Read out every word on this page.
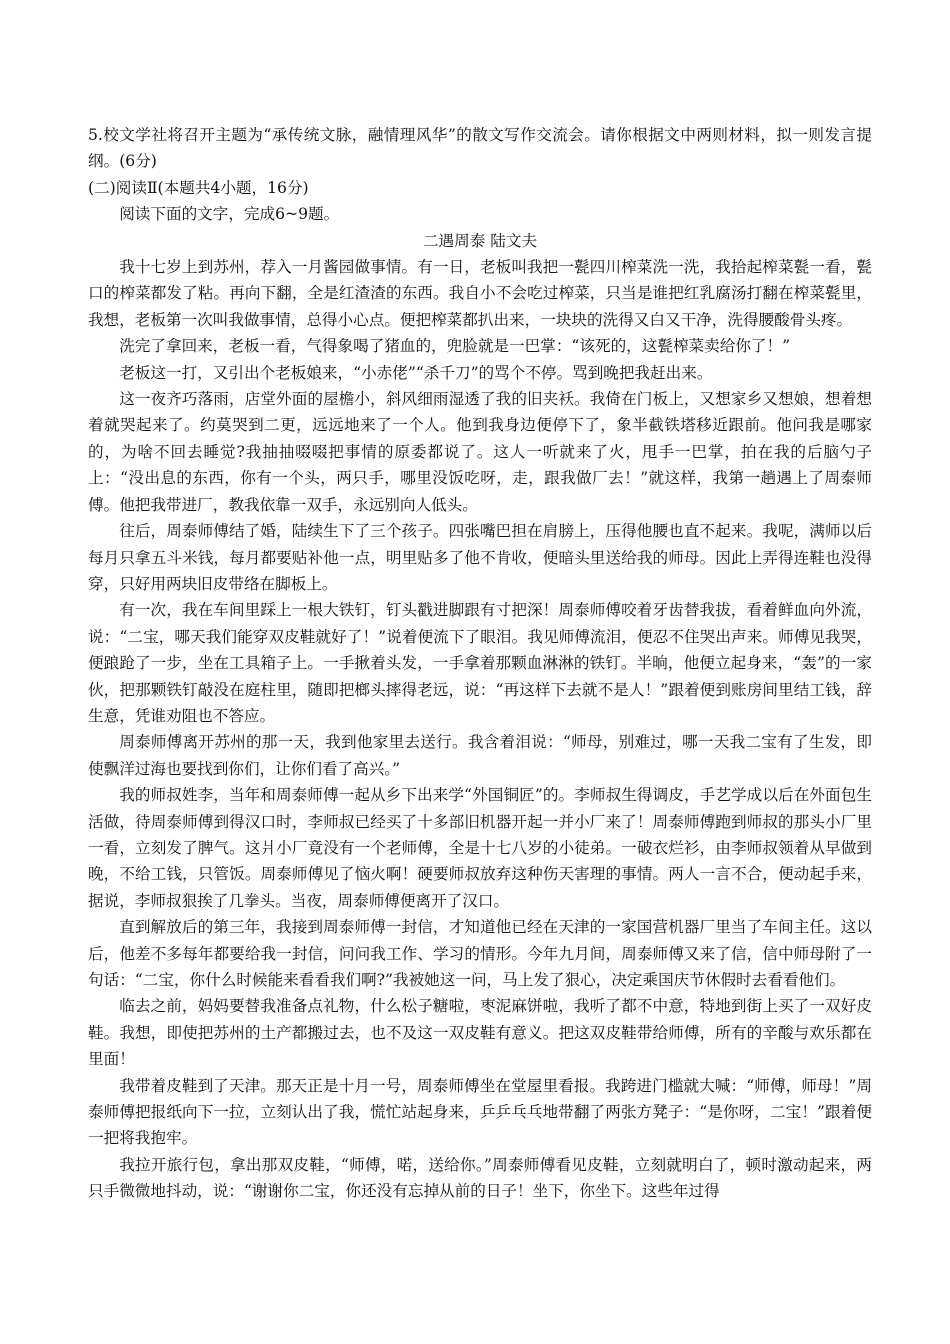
5.校文学社将召开主题为“承传统文脉，融情理风华”的散文写作交流会。请你根据文中两则材料，拟一则发言提纲。(6分)

(二)阅读Ⅱ(本题共4小题，16分)

阅读下面的文字，完成6~9题。

二遇周泰 陆文夫

我十七岁上到苏州，荐入一月酱园做事情。有一日，老板叫我把一甏四川榨菜洗一洗，我拾起榨菜甏一看，甏口的榨菜都发了粘。再向下翻，全是红渣渣的东西。我自小不会吃过榨菜，只当是谁把红乳腐汤打翻在榨菜甏里，我想，老板第一次叫我做事情，总得小心点。便把榨菜都扒出来，一块块的洗得又白又干净，洗得腰酸骨头疼。

洗完了拿回来，老板一看，气得象喝了猪血的，兜脸就是一巴掌：“该死的，这甏榨菜卖给你了！”

老板这一打，又引出个老板娘来，“小赤佬”“杀千刀”的骂个不停。骂到晚把我赶出来。

这一夜齐巧落雨，店堂外面的屋檐小，斜风细雨湿透了我的旧夹袄。我倚在门板上，又想家乡又想娘，想着想着就哭起来了。约莫哭到二更，远远地来了一个人。他到我身边便停下了，象半截铁塔移近跟前。他问我是哪家的，为啥不回去睡觉?我抽抽啜啜把事情的原委都说了。这人一听就来了火，甩手一巴掌，拍在我的后脑勺子上：“没出息的东西，你有一个头，两只手，哪里没饭吃呀，走，跟我做厂去！”就这样，我第一趟遇上了周泰师傅。他把我带进厂，教我依靠一双手，永远别向人低头。

往后，周泰师傅结了婚，陆续生下了三个孩子。四张嘴巴担在肩膀上，压得他腰也直不起来。我呢，满师以后每月只拿五斗米钱，每月都要贴补他一点，明里贴多了他不肯收，便暗头里送给我的师母。因此上弄得连鞋也没得穿，只好用两块旧皮带络在脚板上。

有一次，我在车间里踩上一根大铁钉，钉头戳进脚跟有寸把深！周泰师傅咬着牙齿替我拔，看着鲜血向外流，说：“二宝，哪天我们能穿双皮鞋就好了！”说着便流下了眼泪。我见师傅流泪，便忍不住哭出声来。师傅见我哭，便踉跄了一步，坐在工具箱子上。一手揪着头发，一手拿着那颗血淋淋的铁钉。半晌，他便立起身来，“轰”的一家伙，把那颗铁钉敲没在庭柱里，随即把榔头摔得老远，说：“再这样下去就不是人！”跟着便到账房间里结工钱，辞生意，凭谁劝阻也不答应。

周泰师傅离开苏州的那一天，我到他家里去送行。我含着泪说：“师母，别难过，哪一天我二宝有了生发，即使飘洋过海也要找到你们，让你们看了高兴。”

我的师叔姓李，当年和周泰师傅一起从乡下出来学“外国铜匠”的。李师叔生得调皮，手艺学成以后在外面包生活做，待周泰师傅到得汉口时，李师叔已经买了十多部旧机器开起一并小厂来了！周泰师傅跑到师叔的那头小厂里一看，立刻发了脾气。这爿小厂竟没有一个老师傅，全是十七八岁的小徒弟。一破衣烂衫，由李师叔领着从早做到晚，不给工钱，只管饭。周泰师傅见了恼火啊！硬要师叔放弃这种伤天害理的事情。两人一言不合，便动起手来，据说，李师叔狠挨了几拳头。当夜，周泰师傅便离开了汉口。

直到解放后的第三年，我接到周泰师傅一封信，才知道他已经在天津的一家国营机器厂里当了车间主任。这以后，他差不多每年都要给我一封信，问问我工作、学习的情形。今年九月间，周泰师傅又来了信，信中师母附了一句话：“二宝，你什么时候能来看看我们啊?”我被她这一问，马上发了狠心，决定乘国庆节休假时去看看他们。

临去之前，妈妈要替我准备点礼物，什么松子糖啦，枣泥麻饼啦，我听了都不中意，特地到街上买了一双好皮鞋。我想，即使把苏州的土产都搬过去，也不及这一双皮鞋有意义。把这双皮鞋带给师傅，所有的辛酸与欢乐都在里面！

我带着皮鞋到了天津。那天正是十月一号，周泰师傅坐在堂屋里看报。我跨进门槛就大喊：“师傅，师母！”周泰师傅把报纸向下一拉，立刻认出了我，慌忙站起身来，乒乒乓乓地带翻了两张方凳子：“是你呀，二宝！”跟着便一把将我抱牢。

我拉开旅行包，拿出那双皮鞋，“师傅，喏，送给你。”周泰师傅看见皮鞋，立刻就明白了，顿时激动起来，两只手微微地抖动，说：“谢谢你二宝，你还没有忘掉从前的日子！坐下，你坐下。这些年过得
